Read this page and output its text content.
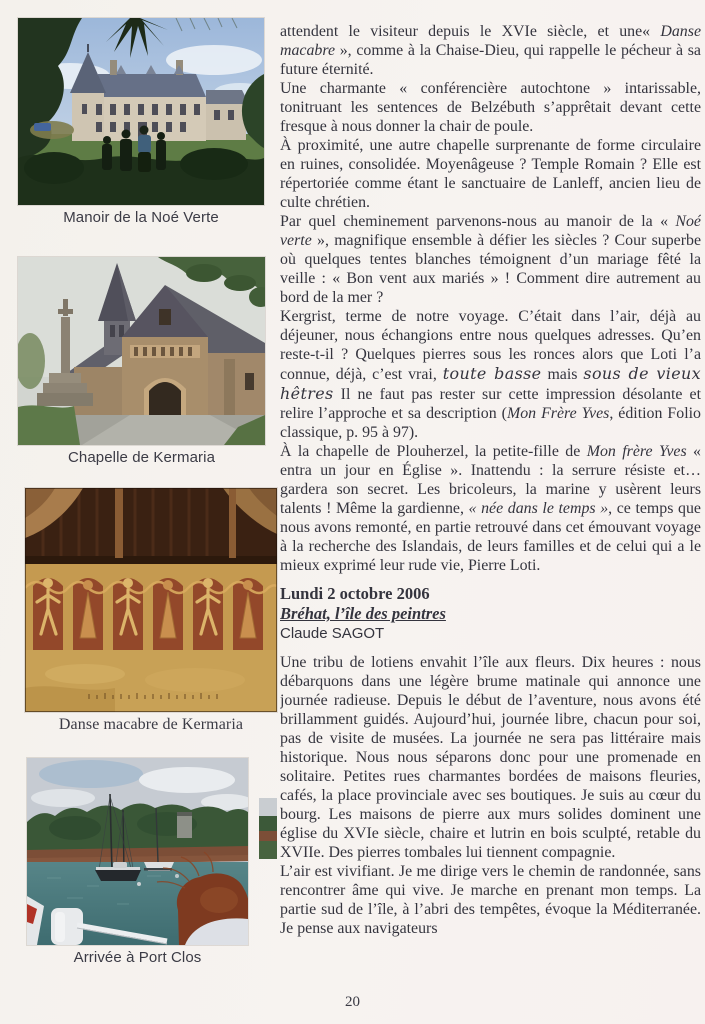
Manoir de la Noé Verte
Chapelle de Kermaria
Danse macabre de Kermaria
Arrivée à Port Clos

attendent le visiteur depuis le XVIe siècle, et une« Danse macabre », comme à la Chaise-Dieu, qui rappelle le pécheur à sa future éternité.

Une charmante « conférencière autochtone » intarissable, tonitruant les sentences de Belzébuth s’apprêtait devant cette fresque à nous donner la chair de poule.

À proximité, une autre chapelle surprenante de forme circulaire en ruines, consolidée. Moyenâgeuse ? Temple Romain ? Elle est répertoriée comme étant le sanctuaire de Lanleff, ancien lieu de culte chrétien.

Par quel cheminement parvenons-nous au manoir de la « Noé verte », magnifique ensemble à défier les siècles ? Cour superbe où quelques tentes blanches témoignent d’un mariage fêté la veille : « Bon vent aux mariés » ! Comment dire autrement au bord de la mer ?

Kergrist, terme de notre voyage. C’était dans l’air, déjà au déjeuner, nous échangions entre nous quelques adresses. Qu’en reste-t-il ? Quelques pierres sous les ronces alors que Loti l’a connue, déjà, c’est vrai, toute basse mais sous de vieux hêtres Il ne faut pas rester sur cette impression désolante et relire l’approche et sa description (Mon Frère Yves, édition Folio classique, p. 95 à 97).

À la chapelle de Plouherzel, la petite-fille de Mon frère Yves « entra un jour en Église ». Inattendu : la serrure résiste et… gardera son secret. Les bricoleurs, la marine y usèrent leurs talents ! Même la gardienne, « née dans le temps », ce temps que nous avons remonté, en partie retrouvé dans cet émouvant voyage à la recherche des Islandais, de leurs familles et de celui qui a le mieux exprimé leur rude vie, Pierre Loti.

Lundi 2 octobre 2006
Bréhat, l’île des peintres
Claude SAGOT

Une tribu de lotiens envahit l’île aux fleurs. Dix heures : nous débarquons dans une légère brume matinale qui annonce une journée radieuse. Depuis le début de l’aventure, nous avons été brillamment guidés. Aujourd’hui, journée libre, chacun pour soi, pas de visite de musées. La journée ne sera pas littéraire mais historique. Nous nous séparons donc pour une promenade en solitaire. Petites rues charmantes bordées de maisons fleuries, cafés, la place provinciale avec ses boutiques. Je suis au cœur du bourg. Les maisons de pierre aux murs solides dominent une église du XVIe siècle, chaire et lutrin en bois sculpté, retable du XVIIe. Des pierres tombales lui tiennent compagnie.

L’air est vivifiant. Je me dirige vers le chemin de randonnée, sans rencontrer âme qui vive. Je marche en prenant mon temps. La partie sud de l’île, à l’abri des tempêtes, évoque la Méditerranée. Je pense aux navigateurs

20
